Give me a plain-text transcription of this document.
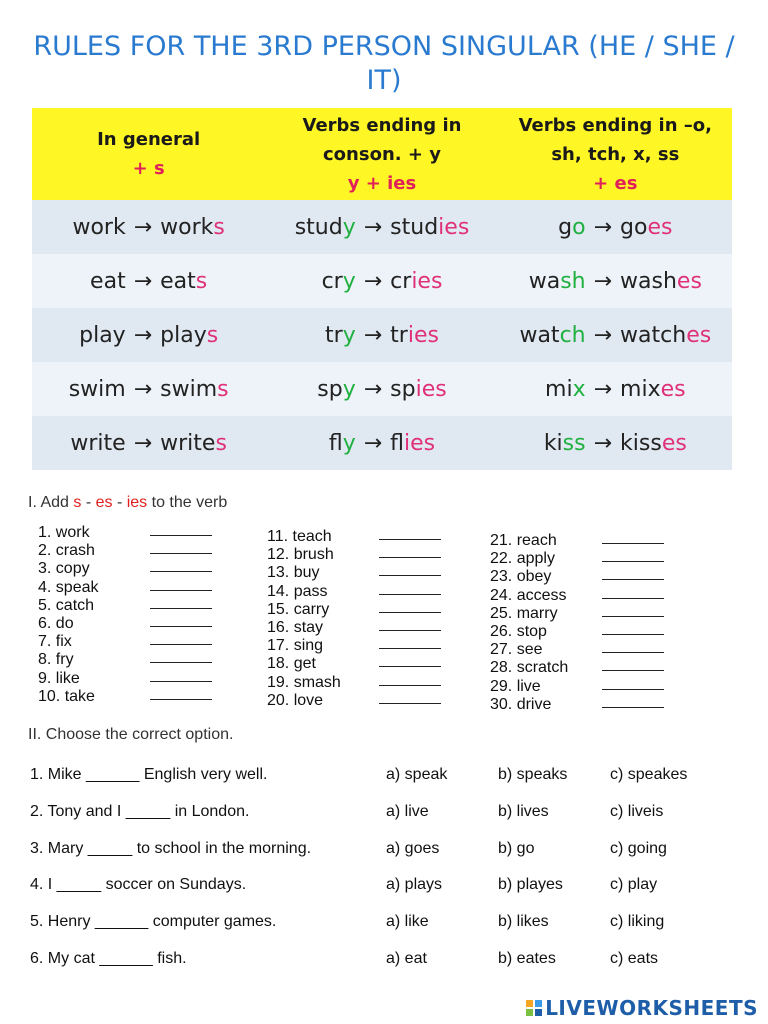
RULES FOR THE 3RD PERSON SINGULAR (HE / SHE / IT)
In general
+ s
Verbs ending in
conson. + y
y + ies
Verbs ending in –o,
sh, tch, x, ss
+ es
work → work s	stud y → stud ies	g o → go es
eat → eat s	cr y → cr ies	wa sh → wash es
play → play s	tr y → tr ies	wat ch → watch es
swim → swim s	sp y → sp ies	mi x → mix es
write → write s	fl y → fl ies	ki ss → kiss es
I. Add s - es - ies to the verb
1. work
2. crash
3. copy
4. speak
5. catch
6. do
7. fix
8. fry
9. like
10. take
11. teach
12. brush
13. buy
14. pass
15. carry
16. stay
17. sing
18. get
19. smash
20. love
21. reach
22. apply
23. obey
24. access
25. marry
26. stop
27. see
28. scratch
29. live
30. drive
II. Choose the correct option.
1. Mike ______ English very well.	a) speak	b) speaks	c) speakes
2. Tony and I _____ in London.	a) live	b) lives	c) liveis
3. Mary _____ to school in the morning.	a) goes	b) go	c) going
4. I _____ soccer on Sundays.	a) plays	b) playes	c) play
5. Henry ______ computer games.	a) like	b) likes	c) liking
6. My cat ______ fish.	a) eat	b) eates	c) eats
LIVEWORKSHEETS
